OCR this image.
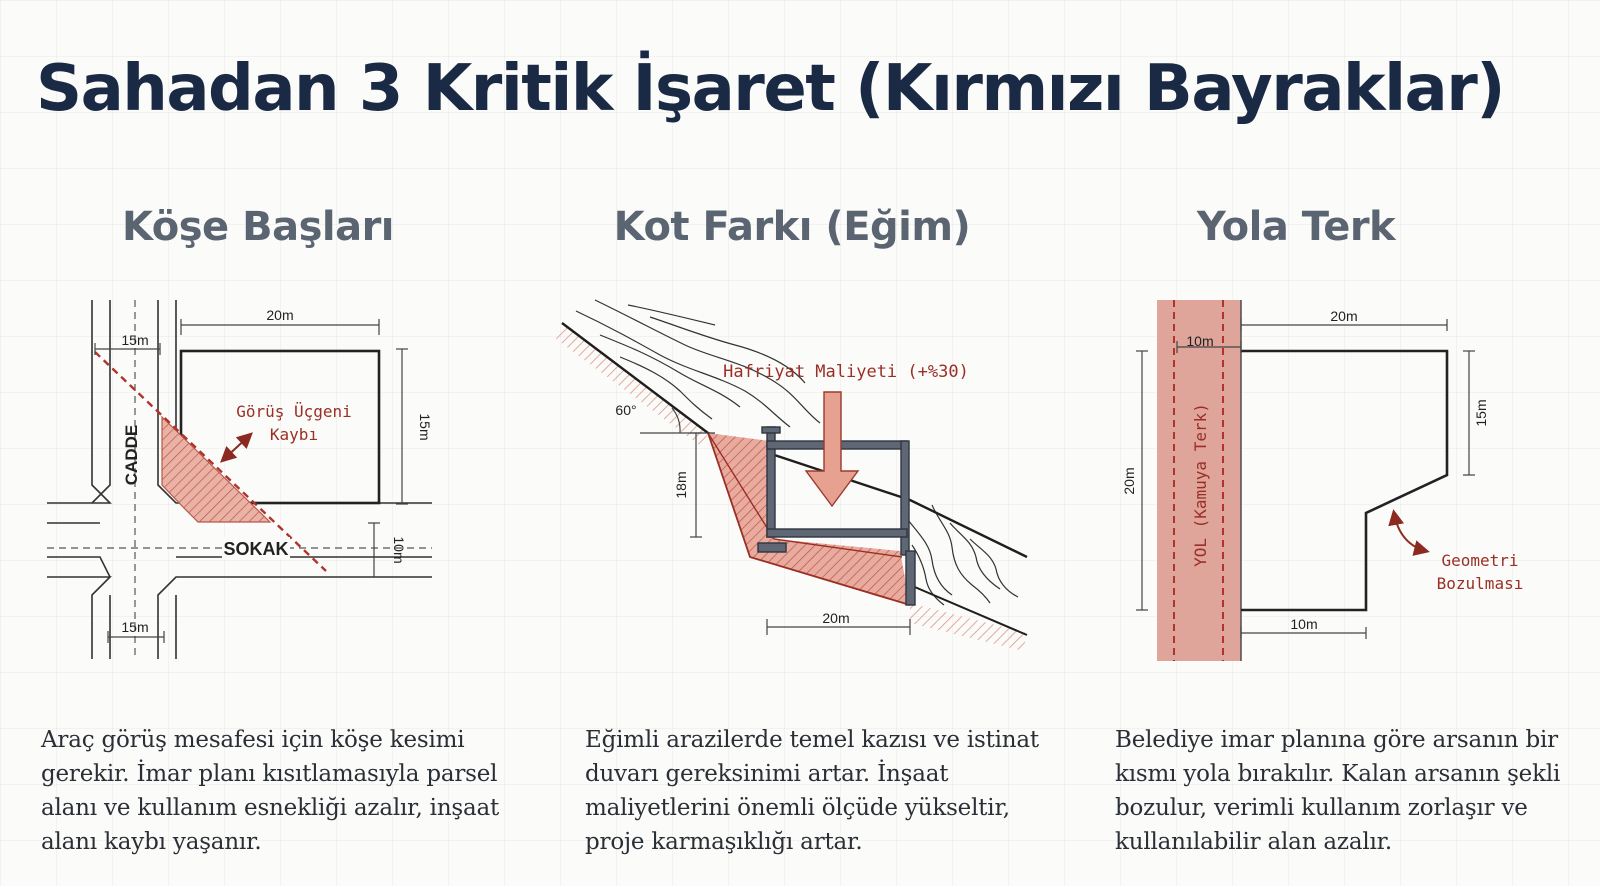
Sahadan 3 Kritik İşaret (Kırmızı Bayraklar)
Köşe Başları
20m
15m
15m
10m
15m
CADDE
SOKAK
Görüş Üçgeni
Kaybı

Araç görüş mesafesi için köşe kesimi gerekir. İmar planı kısıtlamasıyla parsel alanı ve kullanım esnekliği azalır, inşaat alanı kaybı yaşanır.

Kot Farkı (Eğim)
Hafriyat Maliyeti (+%30)
60°
18m
20m

Eğimli arazilerde temel kazısı ve istinat duvarı gereksinimi artar. İnşaat maliyetlerini önemli ölçüde yükseltir, proje karmaşıklığı artar.

Yola Terk
YOL (Kamuya Terk)
10m
20m
15m
20m
10m
Geometri
Bozulması

Belediye imar planına göre arsanın bir kısmı yola bırakılır. Kalan arsanın şekli bozulur, verimli kullanım zorlaşır ve kullanılabilir alan azalır.
